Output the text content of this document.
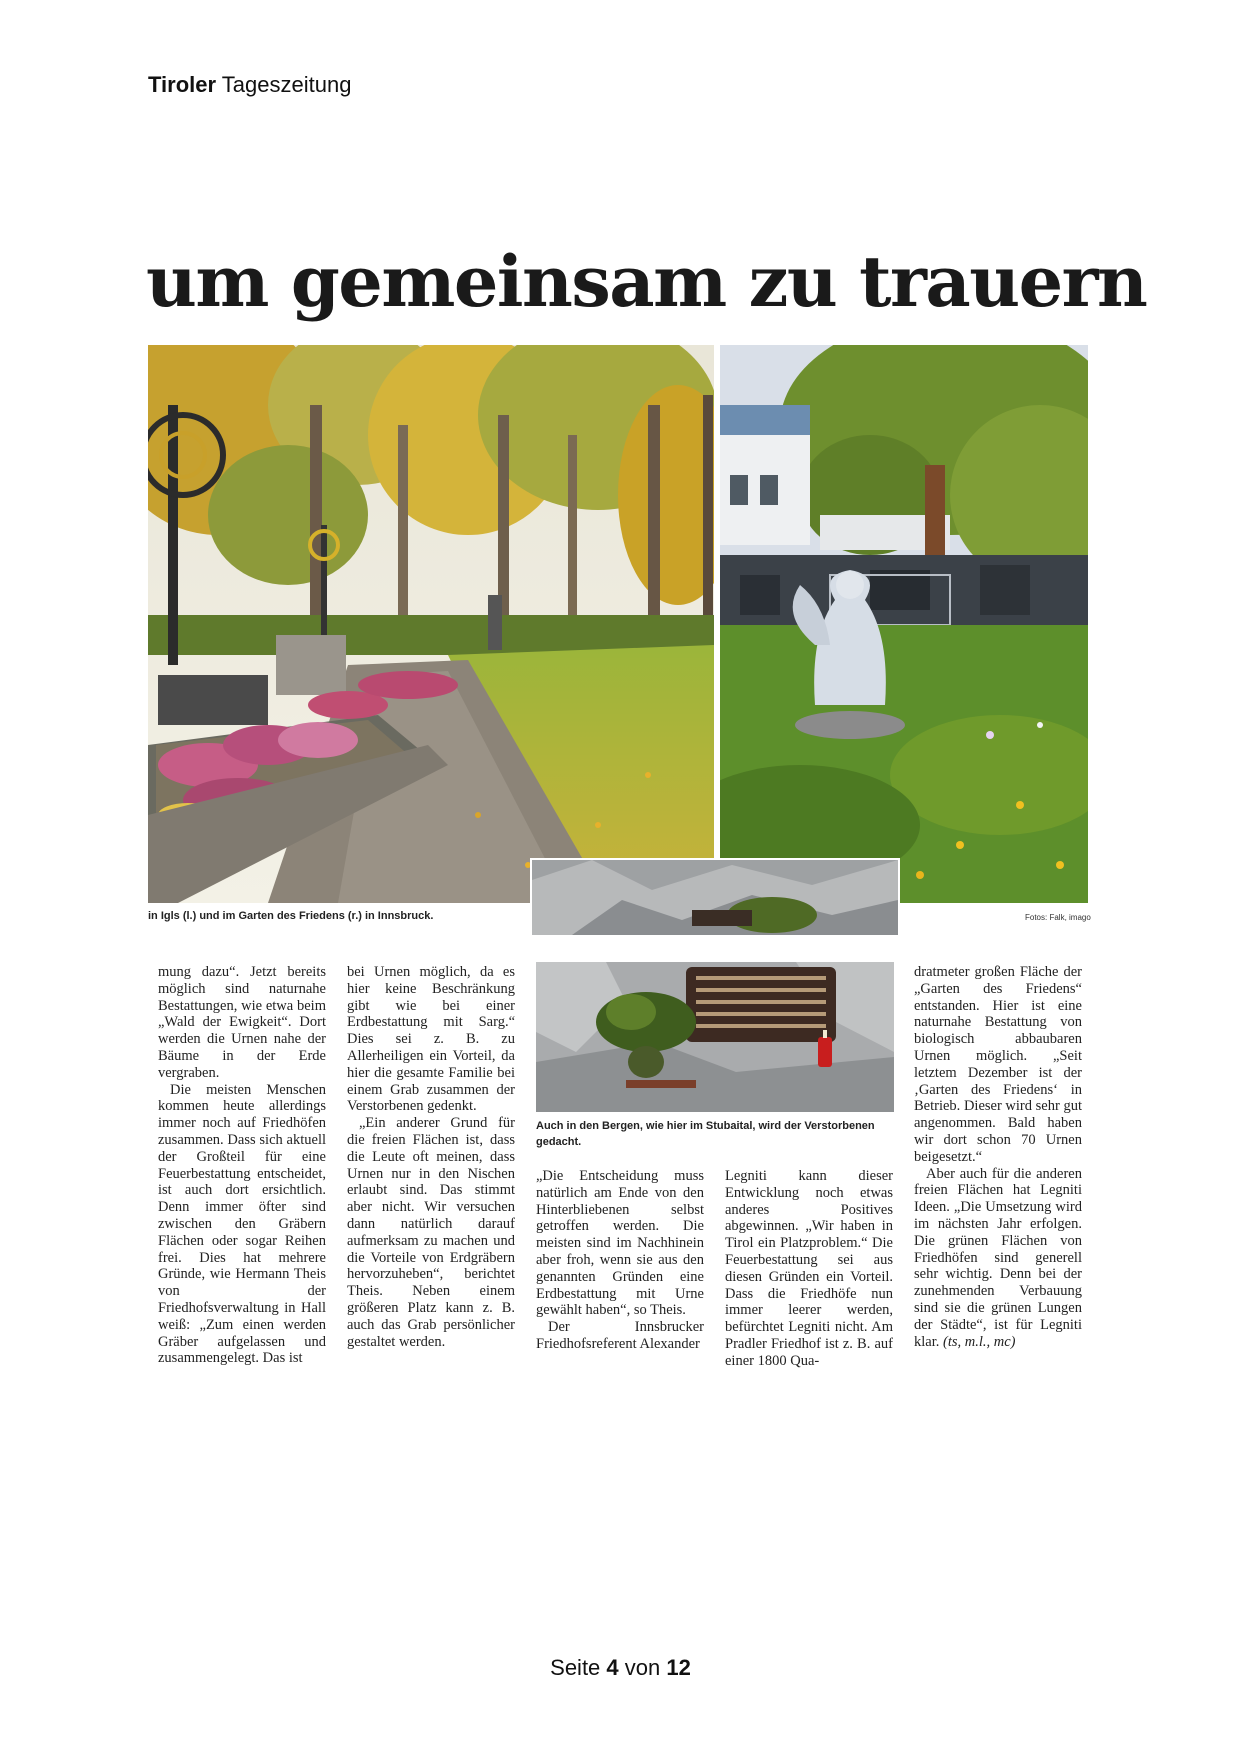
Tiroler Tageszeitung
um gemeinsam zu trauern
in Igls (l.) und im Garten des Friedens (r.) in Innsbruck.	Fotos: Falk, imago

mung dazu“. Jetzt bereits möglich sind naturnahe Bestattungen, wie etwa beim „Wald der Ewigkeit“. Dort werden die Urnen nahe der Bäume in der Erde vergraben.

Die meisten Menschen kommen heute allerdings immer noch auf Friedhöfen zusammen. Dass sich aktuell der Großteil für eine Feuerbestattung entscheidet, ist auch dort ersichtlich. Denn immer öfter sind zwischen den Gräbern Flächen oder sogar Reihen frei. Dies hat mehrere Gründe, wie Hermann Theis von der Friedhofsverwaltung in Hall weiß: „Zum einen werden Gräber aufgelassen und zusammengelegt. Das ist

bei Urnen möglich, da es hier keine Beschränkung gibt wie bei einer Erdbestattung mit Sarg.“ Dies sei z. B. zu Allerheiligen ein Vorteil, da hier die gesamte Familie bei einem Grab zusammen der Verstorbenen gedenkt.

„Ein anderer Grund für die freien Flächen ist, dass die Leute oft meinen, dass Urnen nur in den Nischen erlaubt sind. Das stimmt aber nicht. Wir versuchen dann natürlich darauf aufmerksam zu machen und die Vorteile von Erdgräbern hervorzuheben“, berichtet Theis. Neben einem größeren Platz kann z. B. auch das Grab persönlicher gestaltet werden.

Auch in den Bergen, wie hier im Stubaital, wird der Verstorbenen gedacht.

„Die Entscheidung muss natürlich am Ende von den Hinterbliebenen selbst getroffen werden. Die meisten sind im Nachhinein aber froh, wenn sie aus den genannten Gründen eine Erdbestattung mit Urne gewählt haben“, so Theis.

Der Innsbrucker Friedhofsreferent Alexander

Legniti kann dieser Entwicklung noch etwas anderes Positives abgewinnen. „Wir haben in Tirol ein Platzproblem.“ Die Feuerbestattung sei aus diesen Gründen ein Vorteil. Dass die Friedhöfe nun immer leerer werden, befürchtet Legniti nicht. Am Pradler Friedhof ist z. B. auf einer 1800 Qua-

dratmeter großen Fläche der „Garten des Friedens“ entstanden. Hier ist eine naturnahe Bestattung von biologisch abbaubaren Urnen möglich. „Seit letztem Dezember ist der ‚Garten des Friedens‘ in Betrieb. Dieser wird sehr gut angenommen. Bald haben wir dort schon 70 Urnen beigesetzt.“

Aber auch für die anderen freien Flächen hat Legniti Ideen. „Die Umsetzung wird im nächsten Jahr erfolgen. Die grünen Flächen von Friedhöfen sind generell sehr wichtig. Denn bei der zunehmenden Verbauung sind sie die grünen Lungen der Städte“, ist für Legniti klar. (ts, m.l., mc)

Seite 4 von 12
